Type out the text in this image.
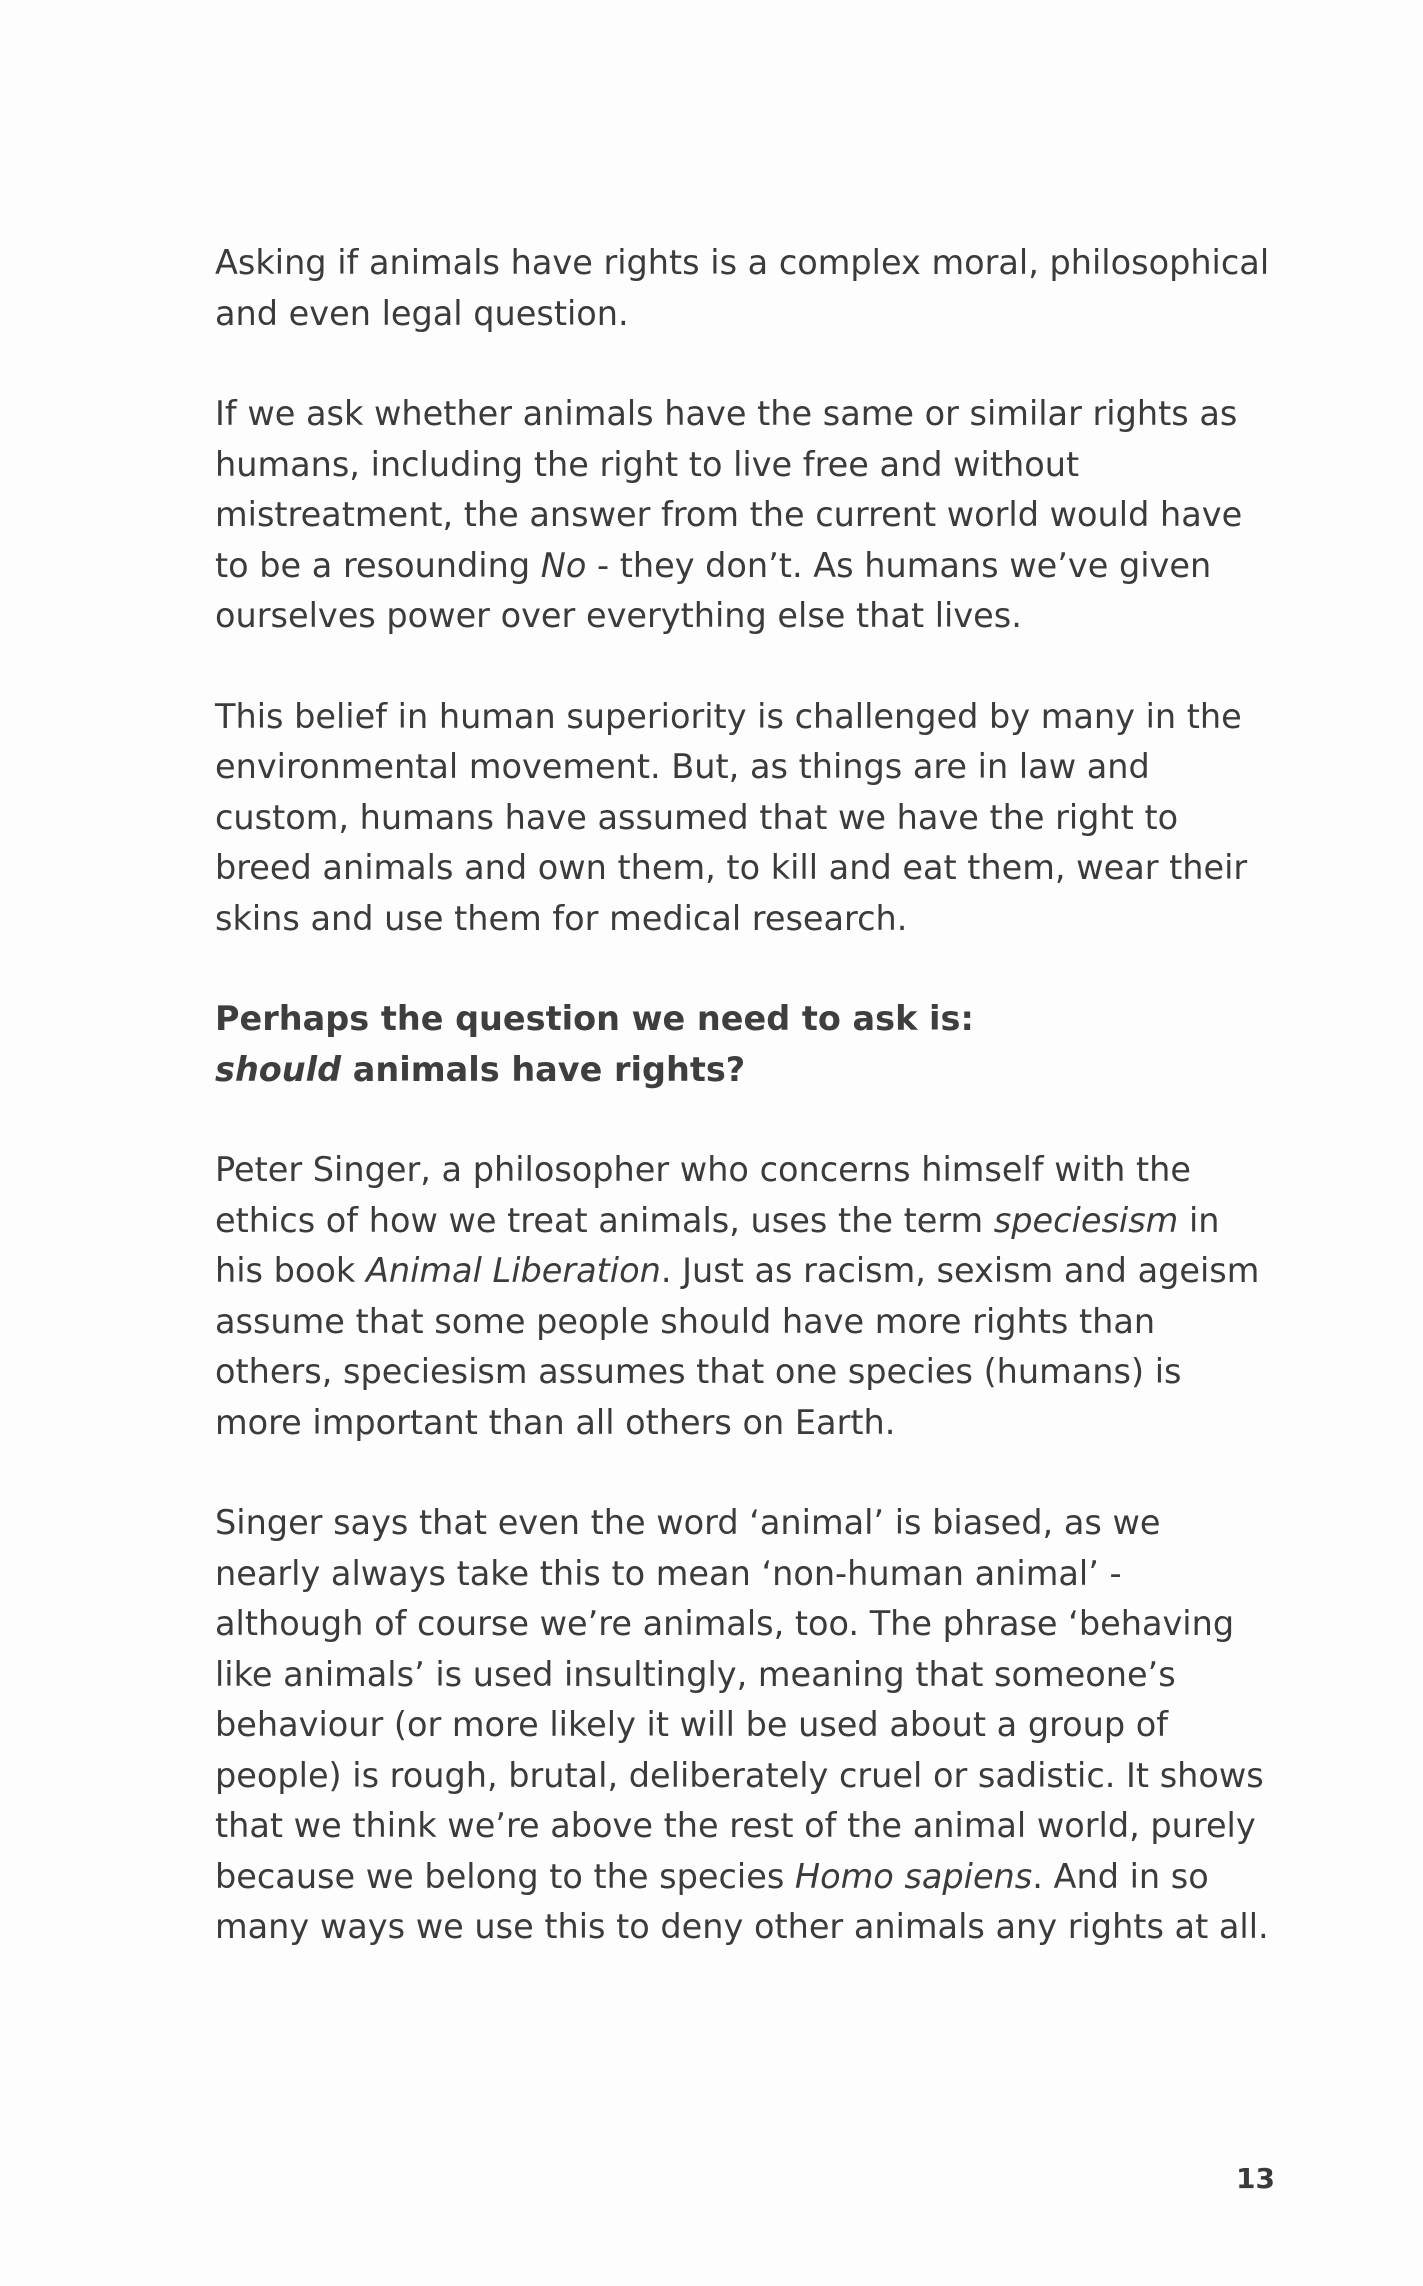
Asking if animals have rights is a complex moral, philosophical and even legal question.

If we ask whether animals have the same or similar rights as humans, including the right to live free and without mistreatment, the answer from the current world would have to be a resounding No - they don’t. As humans we’ve given ourselves power over everything else that lives.

This belief in human superiority is challenged by many in the environmental movement. But, as things are in law and custom, humans have assumed that we have the right to breed animals and own them, to kill and eat them, wear their skins and use them for medical research.

Perhaps the question we need to ask is:
should animals have rights?

Peter Singer, a philosopher who concerns himself with the ethics of how we treat animals, uses the term speciesism in his book Animal Liberation. Just as racism, sexism and ageism assume that some people should have more rights than others, speciesism assumes that one species (humans) is more important than all others on Earth.

Singer says that even the word ‘animal’ is biased, as we nearly always take this to mean ‘non-human animal’ - although of course we’re animals, too. The phrase ‘behaving like animals’ is used insultingly, meaning that someone’s behaviour (or more likely it will be used about a group of people) is rough, brutal, deliberately cruel or sadistic. It shows that we think we’re above the rest of the animal world, purely because we belong to the species Homo sapiens. And in so many ways we use this to deny other animals any rights at all.

13
